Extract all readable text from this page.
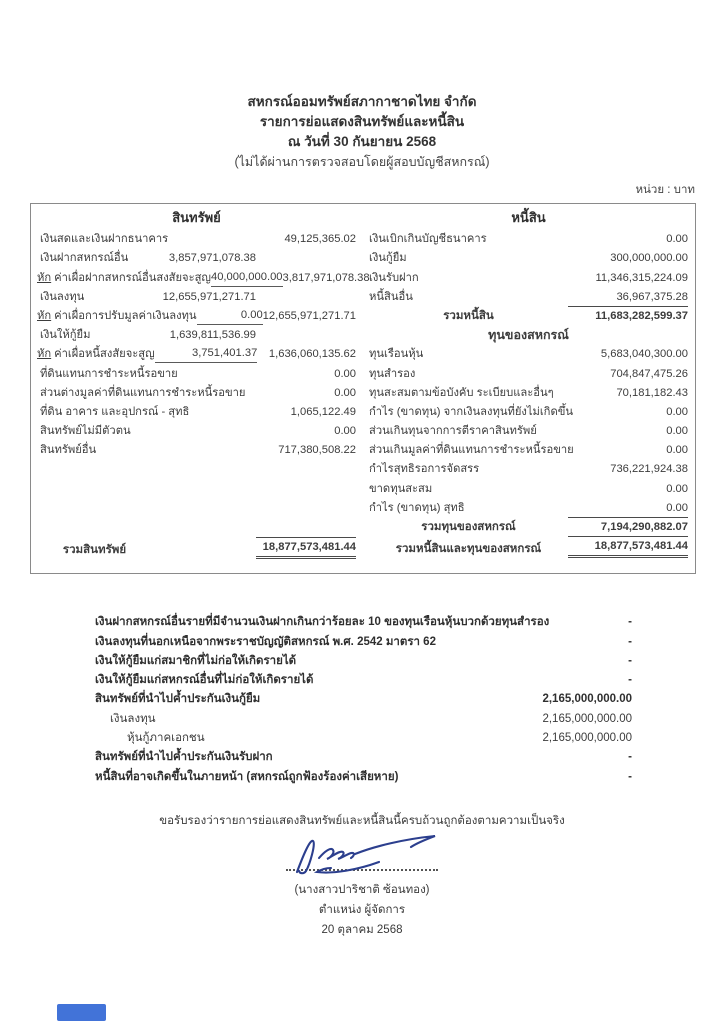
สหกรณ์ออมทรัพย์สภากาชาดไทย จำกัด
รายการย่อแสดงสินทรัพย์และหนี้สิน
ณ วันที่ 30 กันยายน 2568
(ไม่ได้ผ่านการตรวจสอบโดยผู้สอบบัญชีสหกรณ์)
หน่วย : บาท
สินทรัพย์
เงินสดและเงินฝากธนาคาร	49,125,365.02
เงินฝากสหกรณ์อื่น	3,857,971,078.38
หัก ค่าเผื่อฝากสหกรณ์อื่นสงสัยจะสูญ 40,000,000.00 3,817,971,078.38
เงินลงทุน	12,655,971,271.71
หัก ค่าเผื่อการปรับมูลค่าเงินลงทุน	0.00 12,655,971,271.71
เงินให้กู้ยืม	1,639,811,536.99
หัก ค่าเผื่อหนี้สงสัยจะสูญ	3,751,401.37	1,636,060,135.62
ที่ดินแทนการชำระหนี้รอขาย	0.00
ส่วนต่างมูลค่าที่ดินแทนการชำระหนี้รอขาย	0.00
ที่ดิน อาคาร และอุปกรณ์ - สุทธิ	1,065,122.49
สินทรัพย์ไม่มีตัวตน	0.00
สินทรัพย์อื่น	717,380,508.22
รวมสินทรัพย์	18,877,573,481.44
หนี้สิน
เงินเบิกเกินบัญชีธนาคาร	0.00
เงินกู้ยืม	300,000,000.00
เงินรับฝาก	11,346,315,224.09
หนี้สินอื่น	36,967,375.28
รวมหนี้สิน	11,683,282,599.37
ทุนของสหกรณ์
ทุนเรือนหุ้น	5,683,040,300.00
ทุนสำรอง	704,847,475.26
ทุนสะสมตามข้อบังคับ ระเบียบและอื่นๆ	70,181,182.43
กำไร (ขาดทุน) จากเงินลงทุนที่ยังไม่เกิดขึ้น	0.00
ส่วนเกินทุนจากการตีราคาสินทรัพย์	0.00
ส่วนเกินมูลค่าที่ดินแทนการชำระหนี้รอขาย	0.00
กำไรสุทธิรอการจัดสรร	736,221,924.38
ขาดทุนสะสม	0.00
กำไร (ขาดทุน) สุทธิ	0.00
รวมทุนของสหกรณ์	7,194,290,882.07
รวมหนี้สินและทุนของสหกรณ์	18,877,573,481.44
เงินฝากสหกรณ์อื่นรายที่มีจำนวนเงินฝากเกินกว่าร้อยละ 10 ของทุนเรือนหุ้นบวกด้วยทุนสำรอง	-
เงินลงทุนที่นอกเหนือจากพระราชบัญญัติสหกรณ์ พ.ศ. 2542 มาตรา 62	-
เงินให้กู้ยืมแก่สมาชิกที่ไม่ก่อให้เกิดรายได้	-
เงินให้กู้ยืมแก่สหกรณ์อื่นที่ไม่ก่อให้เกิดรายได้	-
สินทรัพย์ที่นำไปค้ำประกันเงินกู้ยืม	2,165,000,000.00
เงินลงทุน	2,165,000,000.00
หุ้นกู้ภาคเอกชน	2,165,000,000.00
สินทรัพย์ที่นำไปค้ำประกันเงินรับฝาก	-
หนี้สินที่อาจเกิดขึ้นในภายหน้า (สหกรณ์ถูกฟ้องร้องค่าเสียหาย)	-
ขอรับรองว่ารายการย่อแสดงสินทรัพย์และหนี้สินนี้ครบถ้วนถูกต้องตามความเป็นจริง
(นางสาวปาริชาติ ซ้อนทอง)
ตำแหน่ง ผู้จัดการ
20 ตุลาคม 2568
